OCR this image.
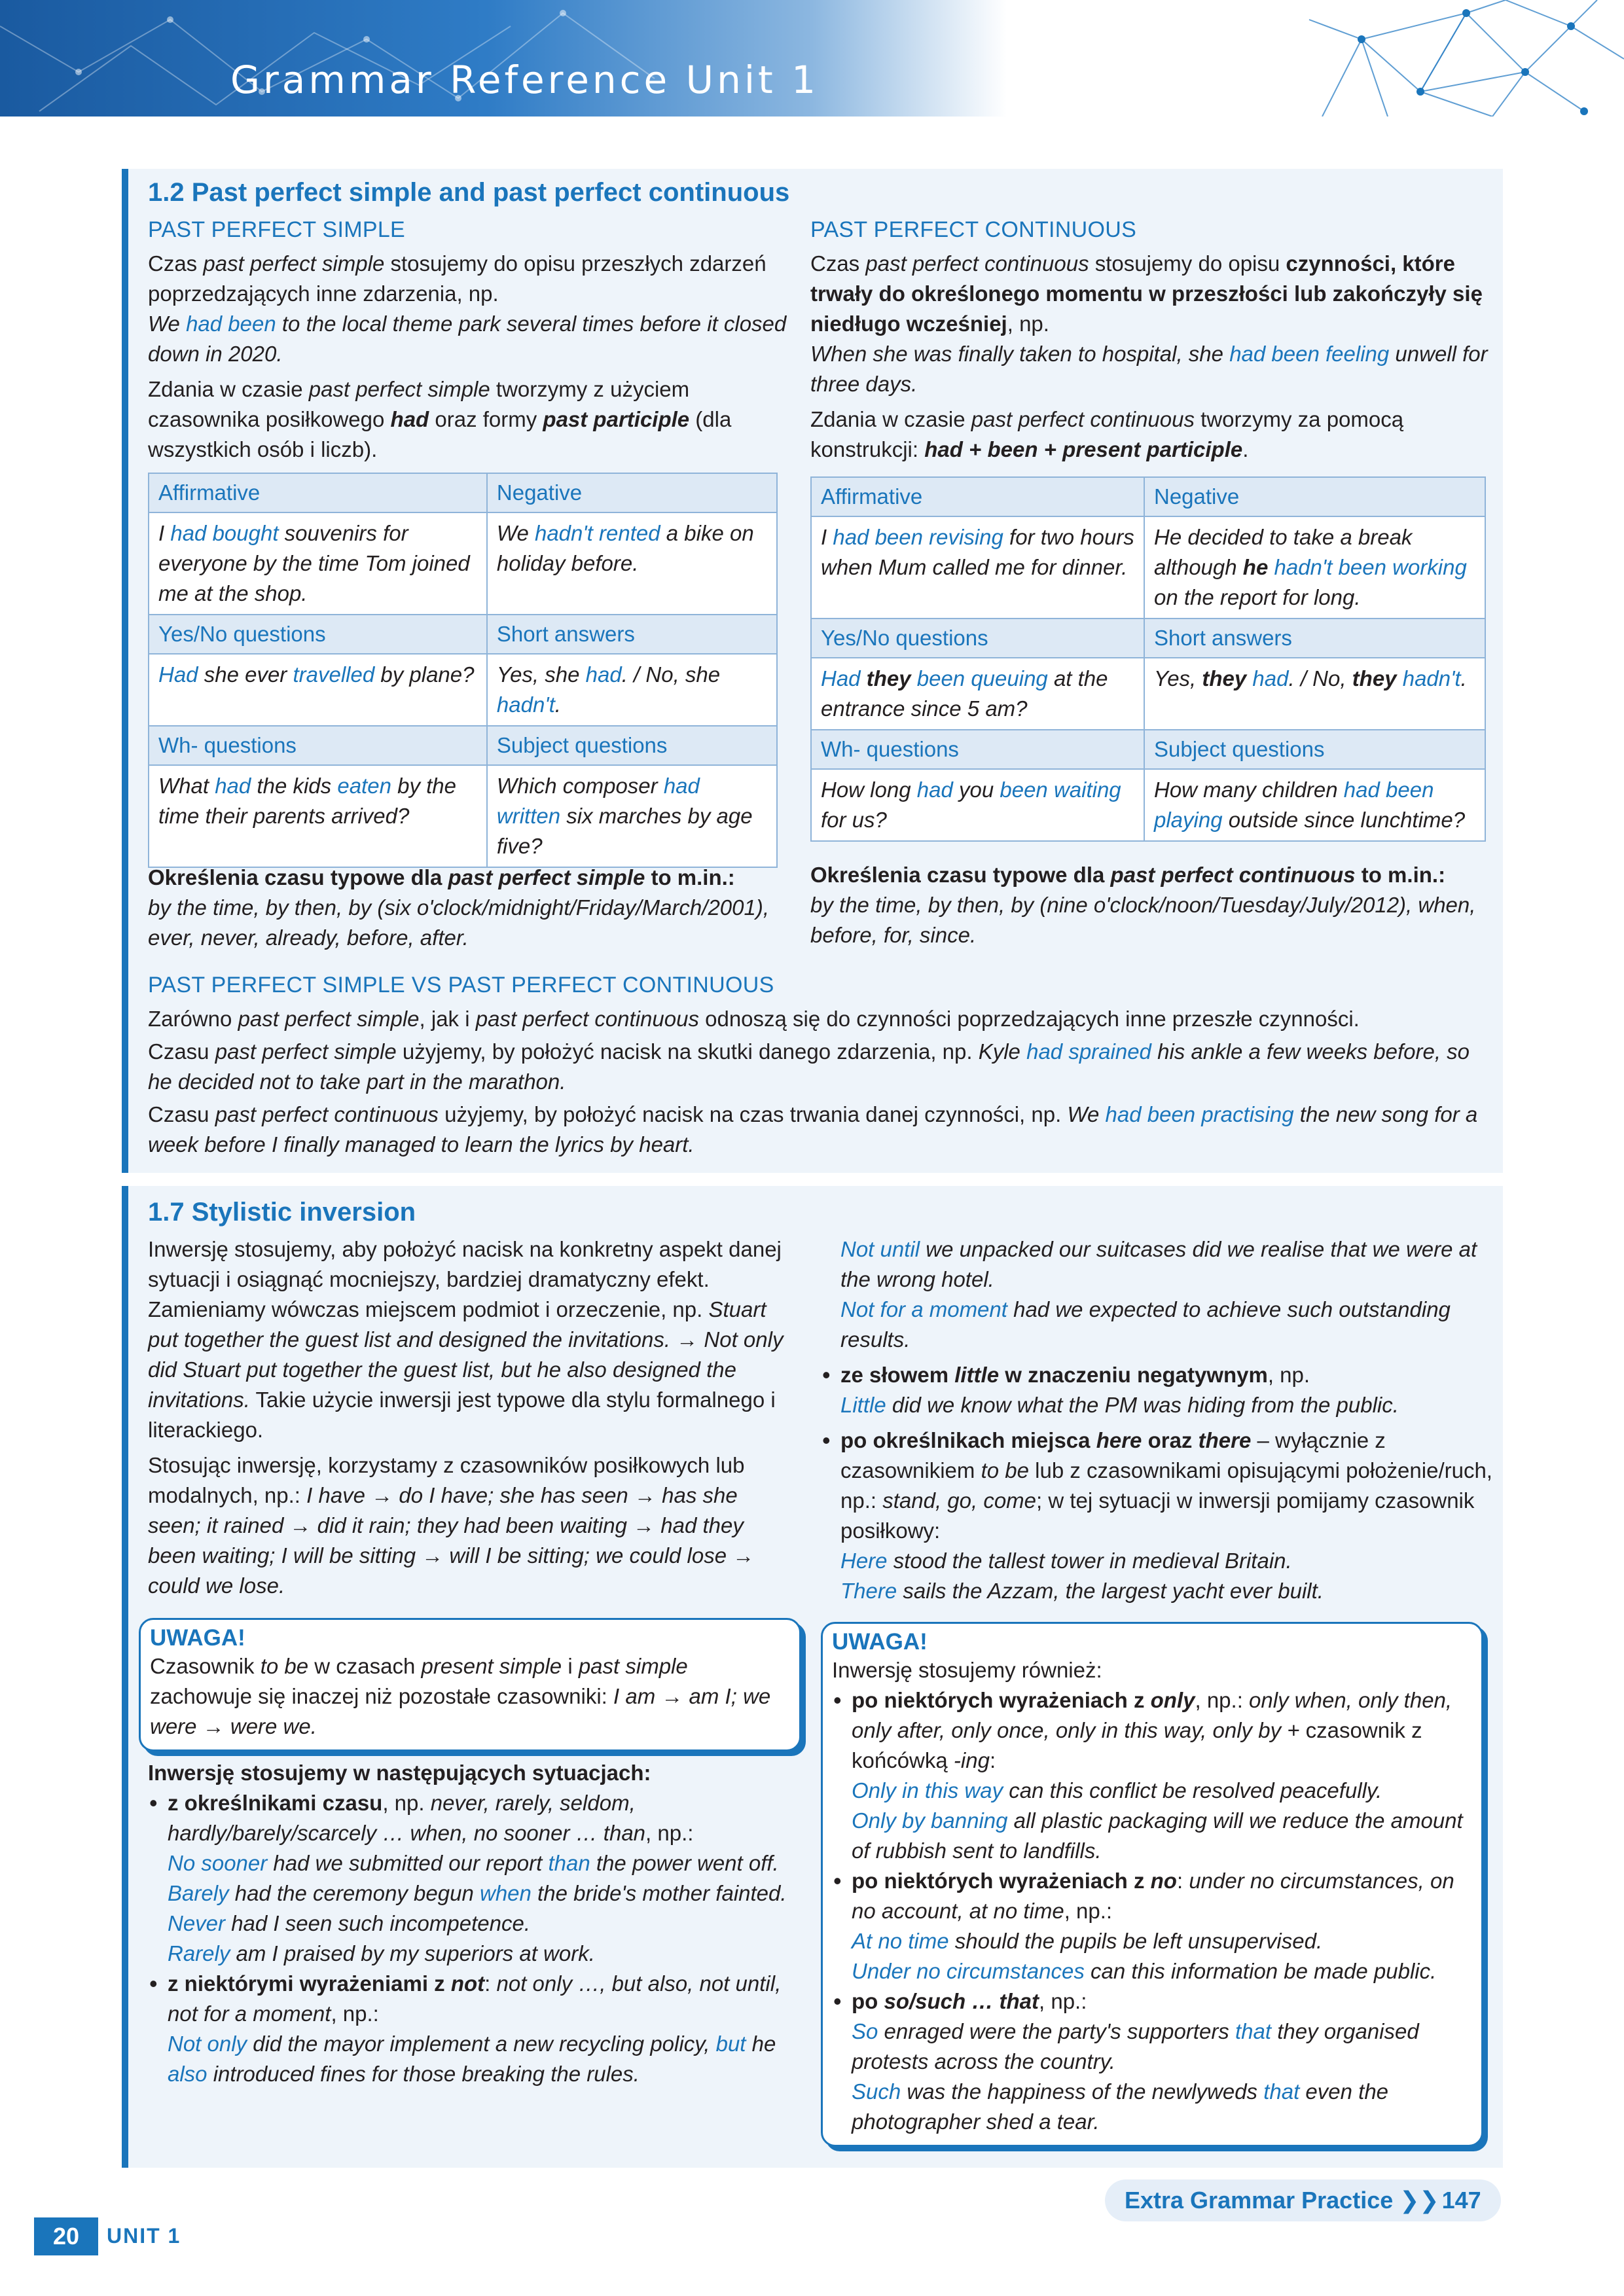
Grammar Reference Unit 1
1.2 Past perfect simple and past perfect continuous
PAST PERFECT SIMPLE

Czas past perfect simple stosujemy do opisu przeszłych zdarzeń poprzedzających inne zdarzenia, np.
We had been to the local theme park several times before it closed down in 2020.

Zdania w czasie past perfect simple tworzymy z użyciem czasownika posiłkowego had oraz formy past participle (dla wszystkich osób i liczb).

Affirmative	Negative
I had bought souvenirs for everyone by the time Tom joined me at the shop.	We hadn't rented a bike on holiday before.
Yes/No questions	Short answers
Had she ever travelled by plane?	Yes, she had. / No, she hadn't.
Wh- questions	Subject questions
What had the kids eaten by the time their parents arrived?	Which composer had written six marches by age five?
Określenia czasu typowe dla past perfect simple to m.in.:
by the time, by then, by (six o'clock/midnight/Friday/March/2001), ever, never, already, before, after.
PAST PERFECT CONTINUOUS

Czas past perfect continuous stosujemy do opisu czynności, które trwały do określonego momentu w przeszłości lub zakończyły się niedługo wcześniej, np.
When she was finally taken to hospital, she had been feeling unwell for three days.

Zdania w czasie past perfect continuous tworzymy za pomocą konstrukcji: had + been + present participle.

Affirmative	Negative
I had been revising for two hours when Mum called me for dinner.	He decided to take a break although he hadn't been working on the report for long.
Yes/No questions	Short answers
Had they been queuing at the entrance since 5 am?	Yes, they had. / No, they hadn't.
Wh- questions	Subject questions
How long had you been waiting for us?	How many children had been playing outside since lunchtime?
Określenia czasu typowe dla past perfect continuous to m.in.:
by the time, by then, by (nine o'clock/noon/Tuesday/July/2012), when, before, for, since.
PAST PERFECT SIMPLE VS PAST PERFECT CONTINUOUS

Zarówno past perfect simple, jak i past perfect continuous odnoszą się do czynności poprzedzających inne przeszłe czynności.

Czasu past perfect simple użyjemy, by położyć nacisk na skutki danego zdarzenia, np. Kyle had sprained his ankle a few weeks before, so he decided not to take part in the marathon.

Czasu past perfect continuous użyjemy, by położyć nacisk na czas trwania danej czynności, np. We had been practising the new song for a week before I finally managed to learn the lyrics by heart.

1.7 Stylistic inversion

Inwersję stosujemy, aby położyć nacisk na konkretny aspekt danej sytuacji i osiągnąć mocniejszy, bardziej dramatyczny efekt. Zamieniamy wówczas miejscem podmiot i orzeczenie, np. Stuart put together the guest list and designed the invitations. → Not only did Stuart put together the guest list, but he also designed the invitations. Takie użycie inwersji jest typowe dla stylu formalnego i literackiego.

Stosując inwersję, korzystamy z czasowników posiłkowych lub modalnych, np.: I have → do I have; she has seen → has she seen; it rained → did it rain; they had been waiting → had they been waiting; I will be sitting → will I be sitting; we could lose → could we lose.

UWAGA!
Czasownik to be w czasach present simple i past simple zachowuje się inaczej niż pozostałe czasowniki: I am → am I; we were → were we.
Inwersję stosujemy w następujących sytuacjach:
• z określnikami czasu, np. never, rarely, seldom, hardly/barely/scarcely … when, no sooner … than, np.:
No sooner had we submitted our report than the power went off.
Barely had the ceremony begun when the bride's mother fainted.
Never had I seen such incompetence.
Rarely am I praised by my superiors at work.
• z niektórymi wyrażeniami z not: not only …, but also, not until, not for a moment, np.:
Not only did the mayor implement a new recycling policy, but he also introduced fines for those breaking the rules.
Not until we unpacked our suitcases did we realise that we were at the wrong hotel.
Not for a moment had we expected to achieve such outstanding results.
• ze słowem little w znaczeniu negatywnym, np.
Little did we know what the PM was hiding from the public.
• po określnikach miejsca here oraz there – wyłącznie z czasownikiem to be lub z czasownikami opisującymi położenie/ruch, np.: stand, go, come; w tej sytuacji w inwersji pomijamy czasownik posiłkowy:
Here stood the tallest tower in medieval Britain.
There sails the Azzam, the largest yacht ever built.
UWAGA!
Inwersję stosujemy również:
• po niektórych wyrażeniach z only, np.: only when, only then, only after, only once, only in this way, only by + czasownik z końcówką -ing:
Only in this way can this conflict be resolved peacefully.
Only by banning all plastic packaging will we reduce the amount of rubbish sent to landfills.
• po niektórych wyrażeniach z no: under no circumstances, on no account, at no time, np.:
At no time should the pupils be left unsupervised.
Under no circumstances can this information be made public.
• po so/such … that, np.:
So enraged were the party's supporters that they organised protests across the country.
Such was the happiness of the newlyweds that even the photographer shed a tear.
Extra Grammar Practice ❯❯ 147
20	UNIT 1
